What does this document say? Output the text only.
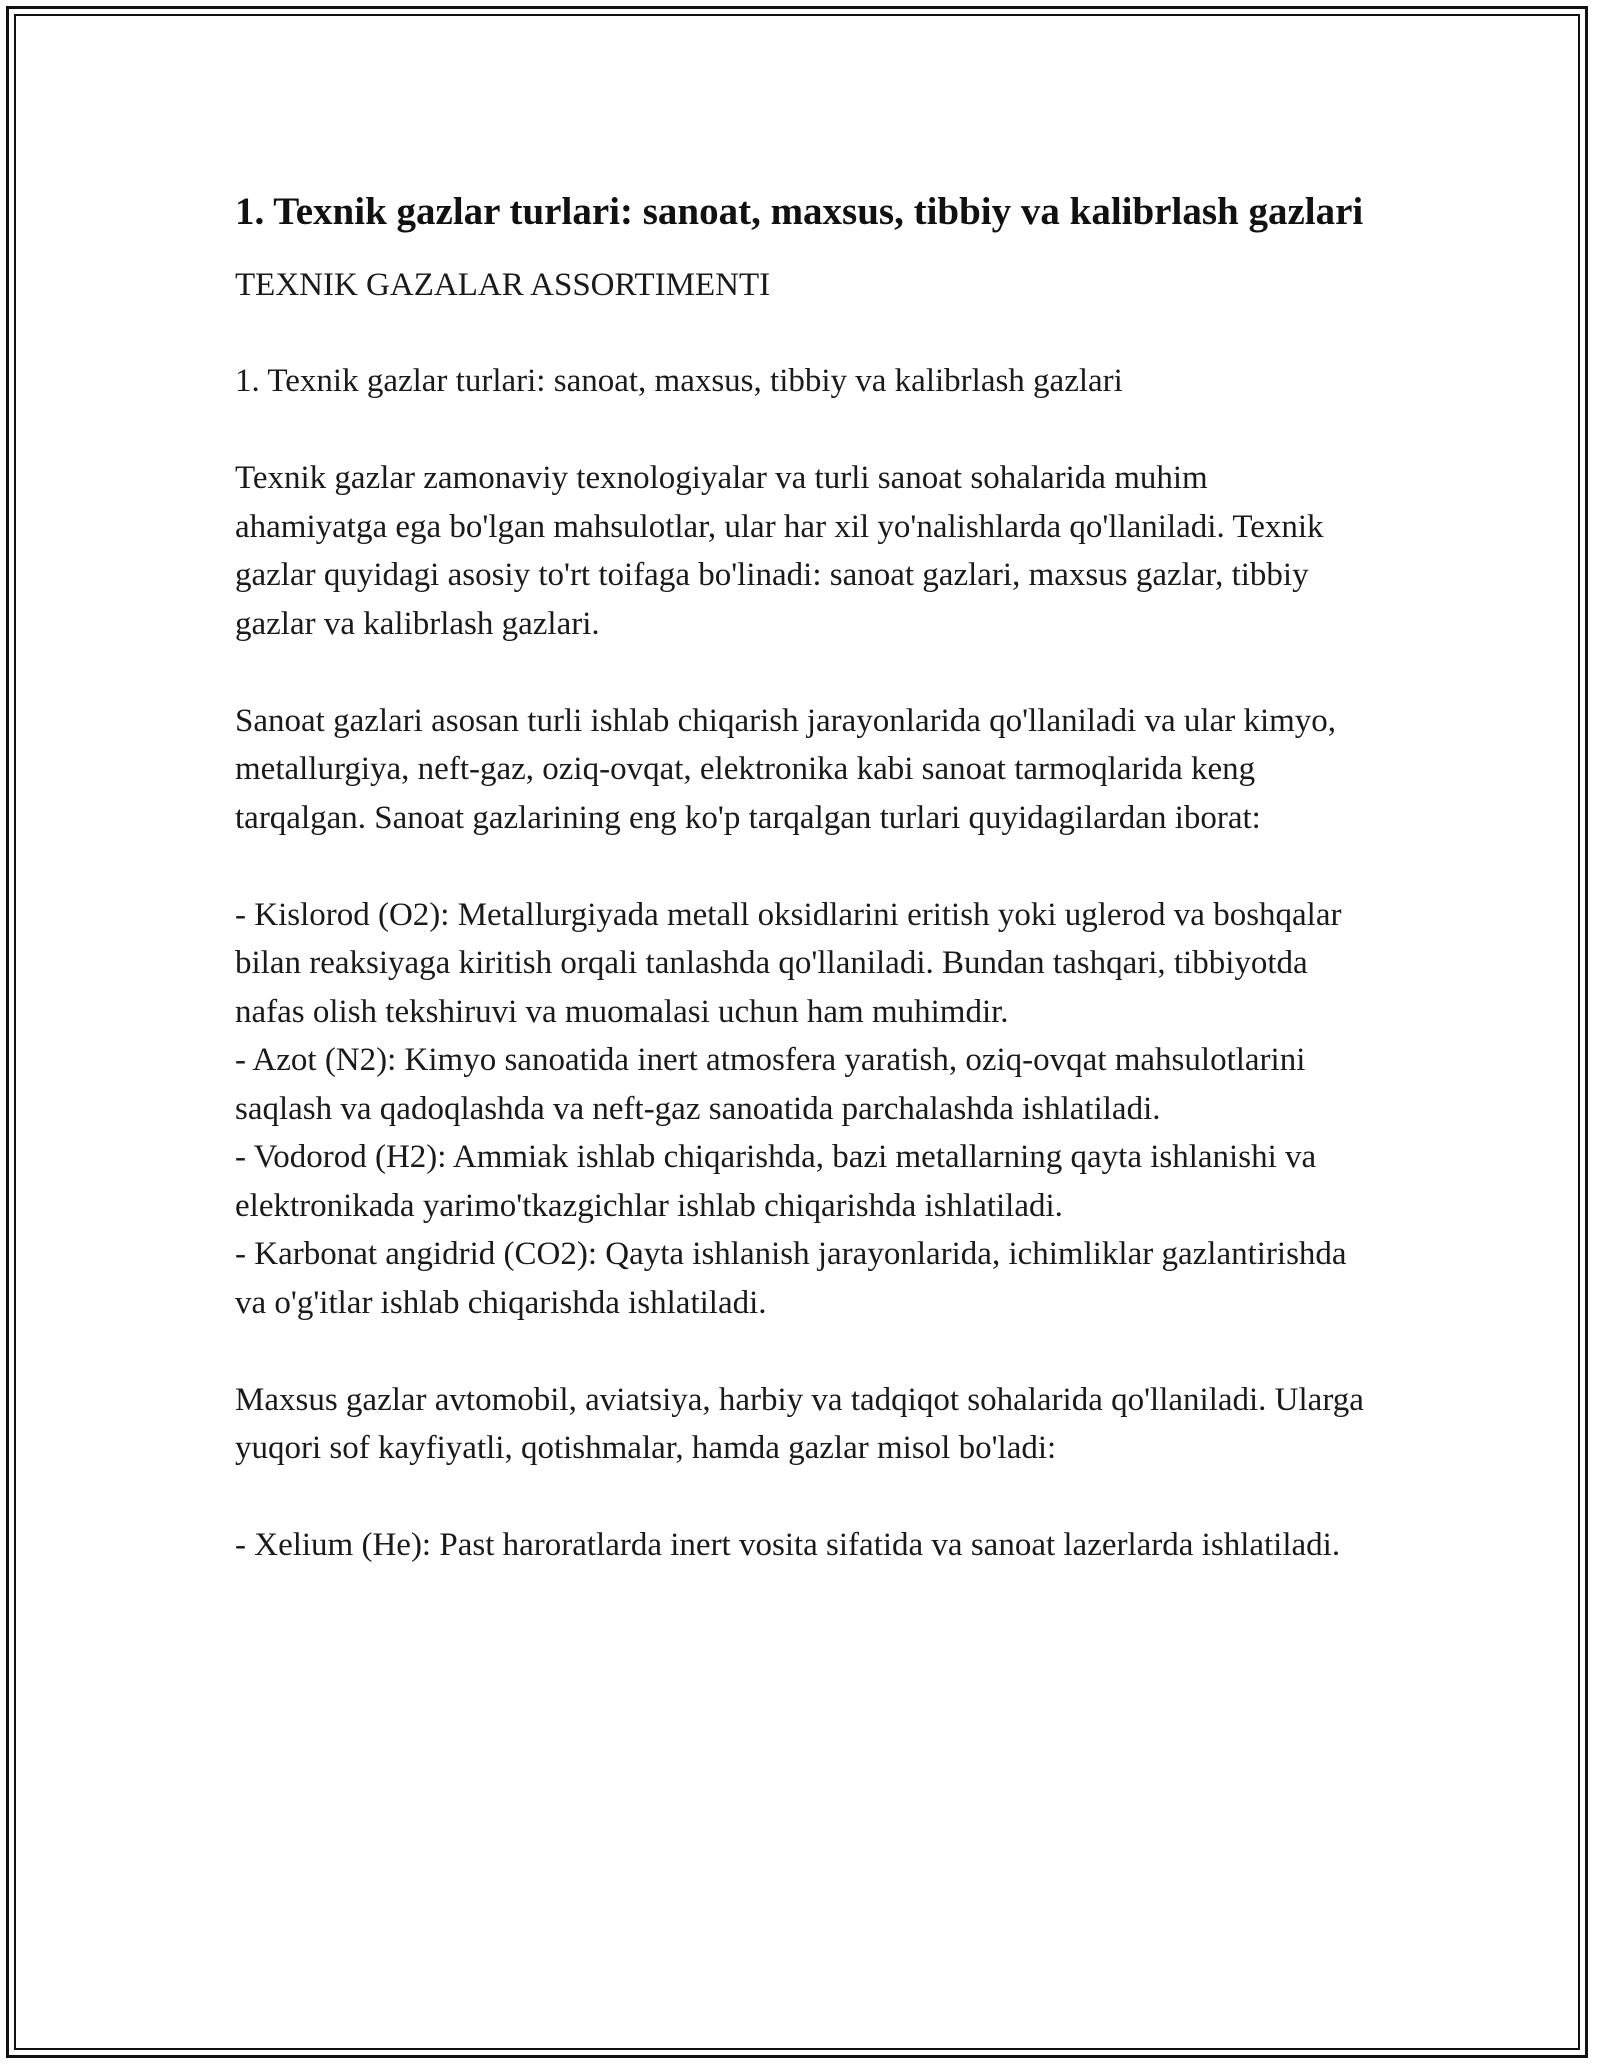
1. Texnik gazlar turlari: sanoat, maxsus, tibbiy va kalibrlash gazlari
TEXNIK GAZALAR ASSORTIMENTI
1. Texnik gazlar turlari: sanoat, maxsus, tibbiy va kalibrlash gazlari
Texnik gazlar zamonaviy texnologiyalar va turli sanoat sohalarida muhim ahamiyatga ega bo'lgan mahsulotlar, ular har xil yo'nalishlarda qo'llaniladi. Texnik gazlar quyidagi asosiy to'rt toifaga bo'linadi: sanoat gazlari, maxsus gazlar, tibbiy gazlar va kalibrlash gazlari.
Sanoat gazlari asosan turli ishlab chiqarish jarayonlarida qo'llaniladi va ular kimyo, metallurgiya, neft-gaz, oziq-ovqat, elektronika kabi sanoat tarmoqlarida keng tarqalgan. Sanoat gazlarining eng ko'p tarqalgan turlari quyidagilardan iborat:
- Kislorod (O2): Metallurgiyada metall oksidlarini eritish yoki uglerod va boshqalar bilan reaksiyaga kiritish orqali tanlashda qo'llaniladi. Bundan tashqari, tibbiyotda nafas olish tekshiruvi va muomalasi uchun ham muhimdir.
- Azot (N2): Kimyo sanoatida inert atmosfera yaratish, oziq-ovqat mahsulotlarini saqlash va qadoqlashda va neft-gaz sanoatida parchalashda ishlatiladi.
- Vodorod (H2): Ammiak ishlab chiqarishda, bazi metallarning qayta ishlanishi va elektronikada yarimo'tkazgichlar ishlab chiqarishda ishlatiladi.
- Karbonat angidrid (CO2): Qayta ishlanish jarayonlarida, ichimliklar gazlantirishda va o'g'itlar ishlab chiqarishda ishlatiladi.
Maxsus gazlar avtomobil, aviatsiya, harbiy va tadqiqot sohalarida qo'llaniladi. Ularga yuqori sof kayfiyatli, qotishmalar, hamda gazlar misol bo'ladi:
- Xelium (He): Past haroratlarda inert vosita sifatida va sanoat lazerlarda ishlatiladi.
